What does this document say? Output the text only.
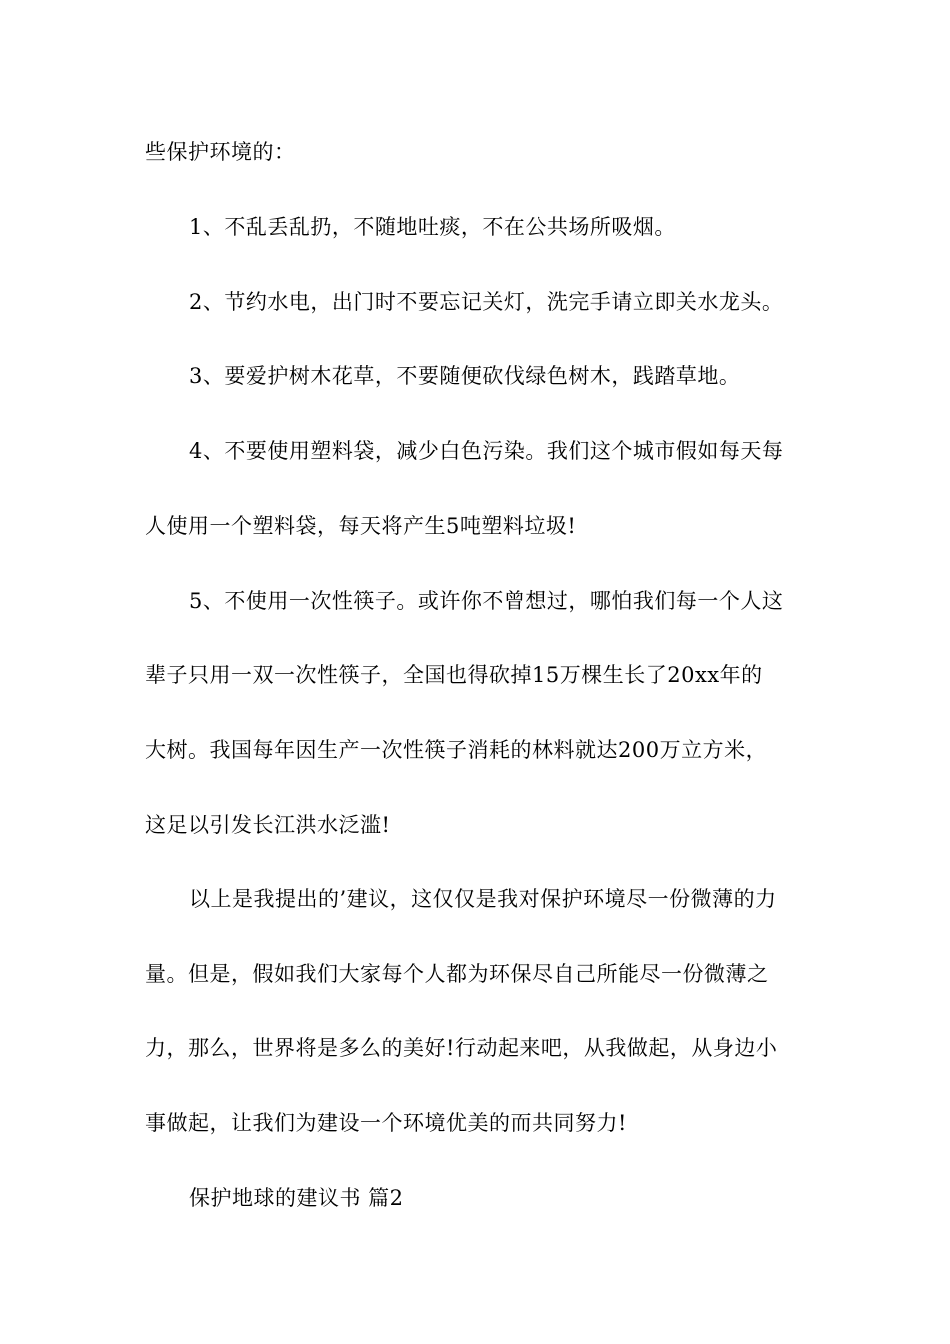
些保护环境的：
1、不乱丢乱扔，不随地吐痰，不在公共场所吸烟。
2、节约水电，出门时不要忘记关灯，洗完手请立即关水龙头。
3、要爱护树木花草，不要随便砍伐绿色树木，践踏草地。
4、不要使用塑料袋，减少白色污染。我们这个城市假如每天每
人使用一个塑料袋，每天将产生5吨塑料垃圾!
5、不使用一次性筷子。或许你不曾想过，哪怕我们每一个人这
辈子只用一双一次性筷子，全国也得砍掉15万棵生长了20xx年的
大树。我国每年因生产一次性筷子消耗的林料就达200万立方米，
这足以引发长江洪水泛滥!
以上是我提出的’建议，这仅仅是我对保护环境尽一份微薄的力
量。但是，假如我们大家每个人都为环保尽自己所能尽一份微薄之
力，那么，世界将是多么的美好!行动起来吧，从我做起，从身边小
事做起，让我们为建设一个环境优美的而共同努力!
保护地球的建议书 篇2
